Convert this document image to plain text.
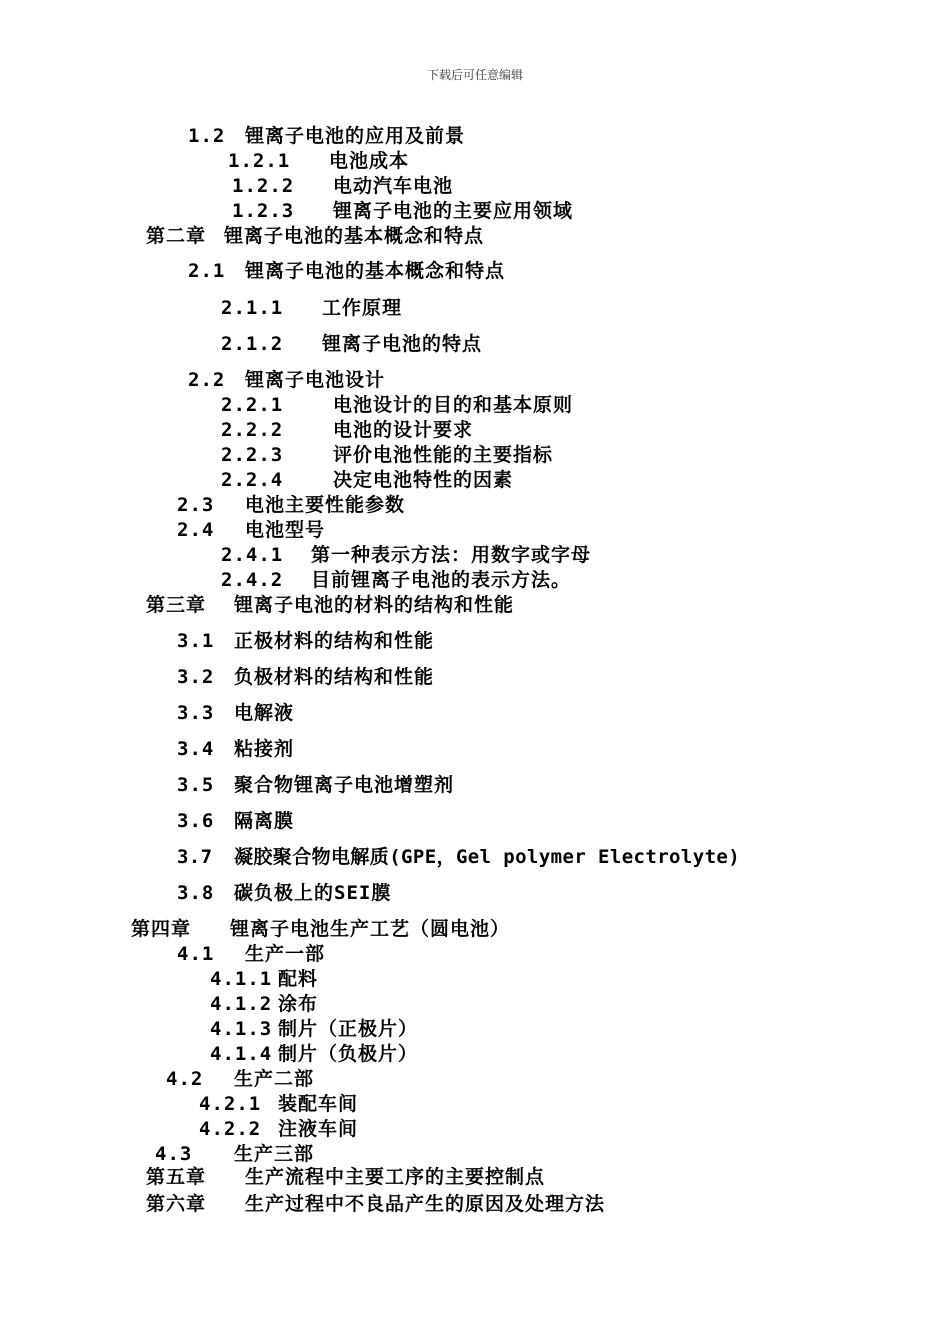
下载后可任意编辑
1.2 锂离子电池的应用及前景
1.2.1 电池成本
1.2.2 电动汽车电池
1.2.3 锂离子电池的主要应用领域
第二章 锂离子电池的基本概念和特点
2.1 锂离子电池的基本概念和特点
2.1.1 工作原理
2.1.2 锂离子电池的特点
2.2 锂离子电池设计
2.2.1	电池设计的目的和基本原则
2.2.2	电池的设计要求
2.2.3	评价电池性能的主要指标
2.2.4	决定电池特性的因素
2.3 电池主要性能参数
2.4 电池型号
2.4.1 第一种表示方法：用数字或字母
2.4.2 目前锂离子电池的表示方法。
第三章 锂离子电池的材料的结构和性能
3.1 正极材料的结构和性能
3.2 负极材料的结构和性能
3.3 电解液
3.4 粘接剂
3.5 聚合物锂离子电池增塑剂
3.6 隔离膜
3.7 凝胶聚合物电解质(GPE，Gel polymer Electrolyte)
3.8 碳负极上的SEI膜
第四章 锂离子电池生产工艺（圆电池）
4.1 生产一部
4.1.1 配料
4.1.2 涂布
4.1.3 制片（正极片）
4.1.4 制片（负极片）
4.2 生产二部
4.2.1 装配车间
4.2.2 注液车间
4.3 生产三部
第五章 生产流程中主要工序的主要控制点
第六章 生产过程中不良品产生的原因及处理方法
